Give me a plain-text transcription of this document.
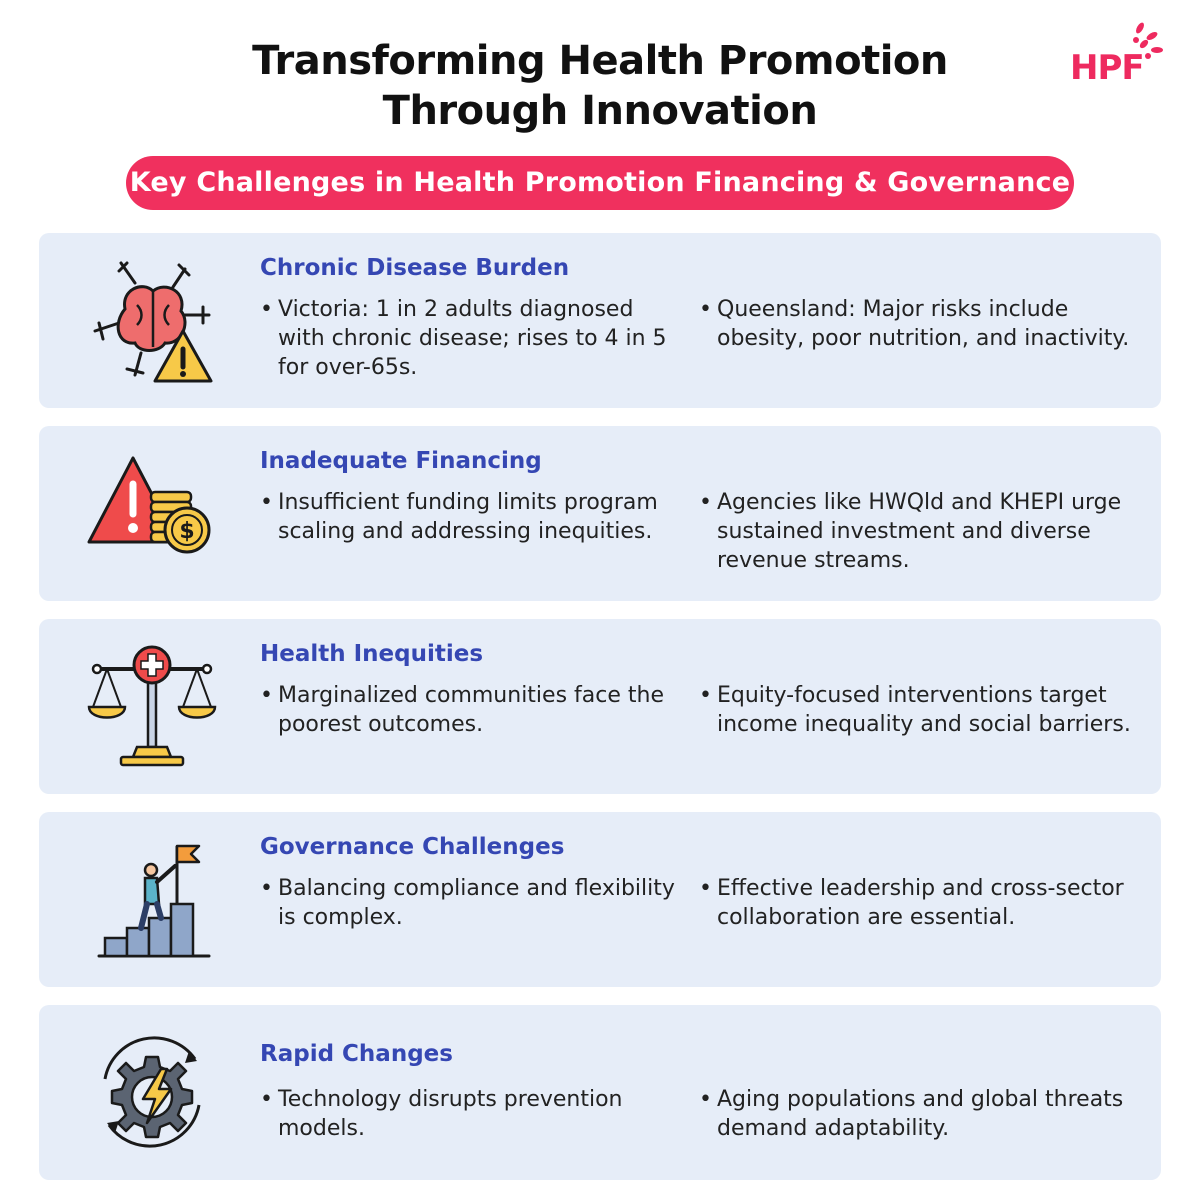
Transforming Health Promotion
Through Innovation
HPF
Key Challenges in Health Promotion Financing & Governance
Chronic Disease Burden
• Victoria: 1 in 2 adults diagnosed with chronic disease; rises to 4 in 5 for over-65s.
• Queensland: Major risks include obesity, poor nutrition, and inactivity.
$
Inadequate Financing
• Insufficient funding limits program scaling and addressing inequities.
• Agencies like HWQld and KHEPI urge sustained investment and diverse revenue streams.
Health Inequities
• Marginalized communities face the poorest outcomes.
• Equity-focused interventions target income inequality and social barriers.
Governance Challenges
• Balancing compliance and flexibility is complex.
• Effective leadership and cross-sector collaboration are essential.
Rapid Changes
• Technology disrupts prevention models.
• Aging populations and global threats demand adaptability.
